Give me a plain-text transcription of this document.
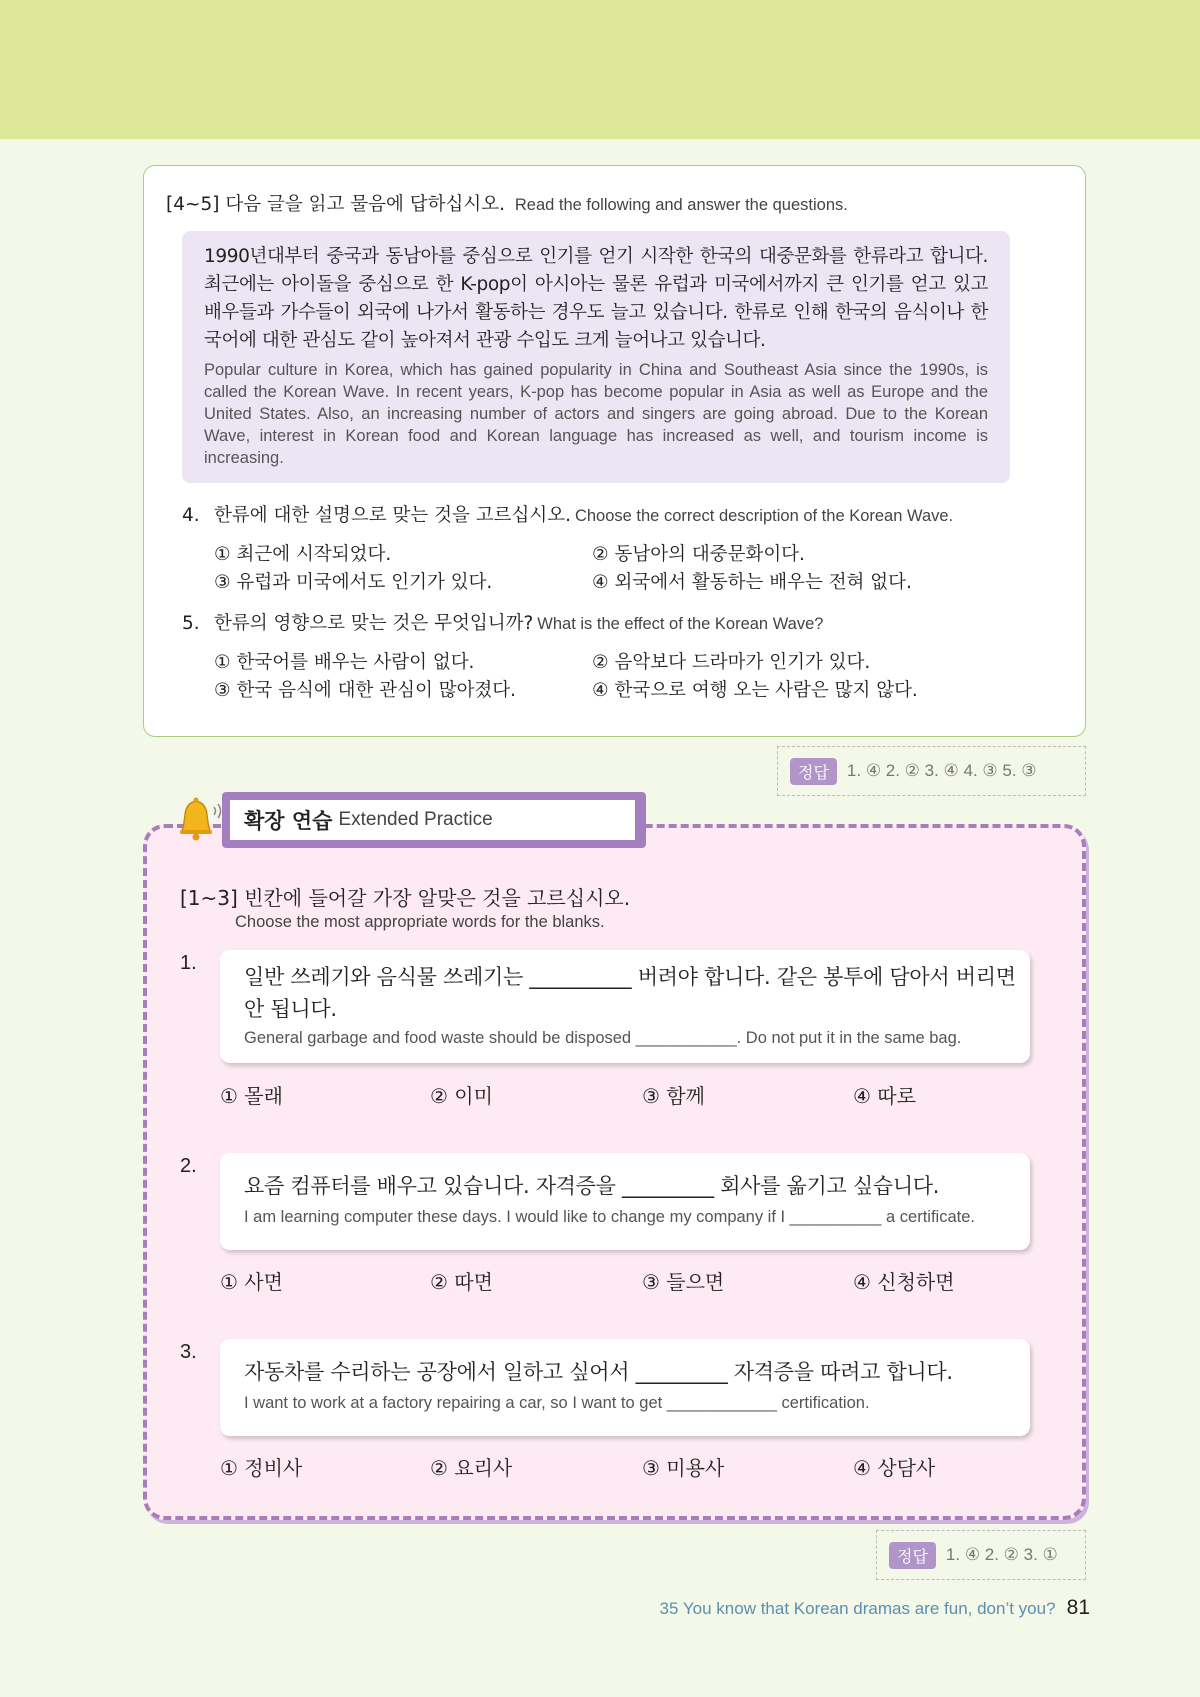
[4~5] 다음 글을 읽고 물음에 답하십시오. Read the following and answer the questions.

1990년대부터 중국과 동남아를 중심으로 인기를 얻기 시작한 한국의 대중문화를 한류라고 합니다. 최근에는 아이돌을 중심으로 한 K-pop이 아시아는 물론 유럽과 미국에서까지 큰 인기를 얻고 있고 배우들과 가수들이 외국에 나가서 활동하는 경우도 늘고 있습니다. 한류로 인해 한국의 음식이나 한국어에 대한 관심도 같이 높아져서 관광 수입도 크게 늘어나고 있습니다.

Popular culture in Korea, which has gained popularity in China and Southeast Asia since the 1990s, is called the Korean Wave. In recent years, K-pop has become popular in Asia as well as Europe and the United States. Also, an increasing number of actors and singers are going abroad. Due to the Korean Wave, interest in Korean food and Korean language has increased as well, and tourism income is increasing.

4. 한류에 대한 설명으로 맞는 것을 고르십시오. Choose the correct description of the Korean Wave.
① 최근에 시작되었다.	② 동남아의 대중문화이다.
③ 유럽과 미국에서도 인기가 있다.	④ 외국에서 활동하는 배우는 전혀 없다.
5. 한류의 영향으로 맞는 것은 무엇입니까? What is the effect of the Korean Wave?
① 한국어를 배우는 사람이 없다.	② 음악보다 드라마가 인기가 있다.
③ 한국 음식에 대한 관심이 많아졌다.	④ 한국으로 여행 오는 사람은 많지 않다.
정답	1. ④ 2. ② 3. ④ 4. ③ 5. ③
확장 연습 Extended Practice
[1~3] 빈칸에 들어갈 가장 알맞은 것을 고르십시오.
Choose the most appropriate words for the blanks.
1.

일반 쓰레기와 음식물 쓰레기는 __________ 버려야 합니다. 같은 봉투에 담아서 버리면 안 됩니다.

General garbage and food waste should be disposed ___________. Do not put it in the same bag.

① 몰래	② 이미	③ 함께	④ 따로
2.

요즘 컴퓨터를 배우고 있습니다. 자격증을 _________ 회사를 옮기고 싶습니다.

I am learning computer these days. I would like to change my company if I __________ a certificate.

① 사면	② 따면	③ 들으면	④ 신청하면
3.

자동차를 수리하는 공장에서 일하고 싶어서 _________ 자격증을 따려고 합니다.

I want to work at a factory repairing a car, so I want to get ____________ certification.

① 정비사	② 요리사	③ 미용사	④ 상담사
정답	1. ④ 2. ② 3. ①
35 You know that Korean dramas are fun, don’t you? 81
